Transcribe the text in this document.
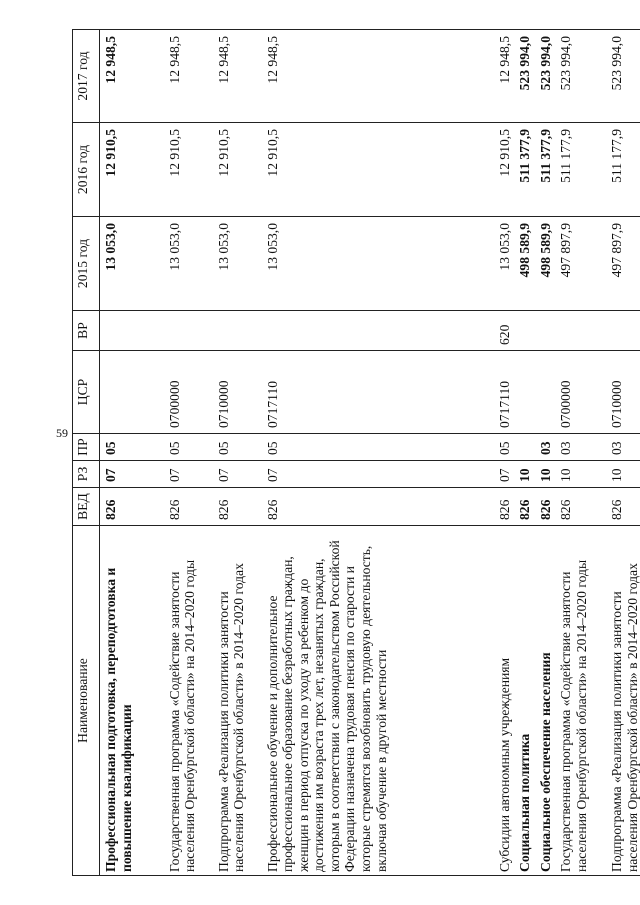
59
Наименование	ВЕД	РЗ	ПР	ЦСР	ВР	2015 год	2016 год	2017 год
Профессиональная подготовка, переподготовка и повышение квалификации	826	07	05			13 053,0	12 910,5	12 948,5
Государственная программа «Содействие занятости населения Оренбургской области» на 2014–2020 годы	826	07	05	0700000		13 053,0	12 910,5	12 948,5
Подпрограмма «Реализация политики занятости населения Оренбургской области» в 2014–2020 годах	826	07	05	0710000		13 053,0	12 910,5	12 948,5
Профессиональное обучение и дополнительное профессиональное образование безработных граждан, женщин в период отпуска по уходу за ребенком до достижения им возраста трех лет, незанятых граждан, которым в соответствии с законодательством Российской Федерации назначена трудовая пенсия по старости и которые стремятся возобновить трудовую деятельность, включая обучение в другой местности	826	07	05	0717110		13 053,0	12 910,5	12 948,5
Субсидии автономным учреждениям	826	07	05	0717110	620	13 053,0	12 910,5	12 948,5
Социальная политика	826	10				498 589,9	511 377,9	523 994,0
Социальное обеспечение населения	826	10	03			498 589,9	511 377,9	523 994,0
Государственная программа «Содействие занятости населения Оренбургской области» на 2014–2020 годы	826	10	03	0700000		497 897,9	511 177,9	523 994,0
Подпрограмма «Реализация политики занятости населения Оренбургской области» в 2014–2020 годах	826	10	03	0710000		497 897,9	511 177,9	523 994,0
